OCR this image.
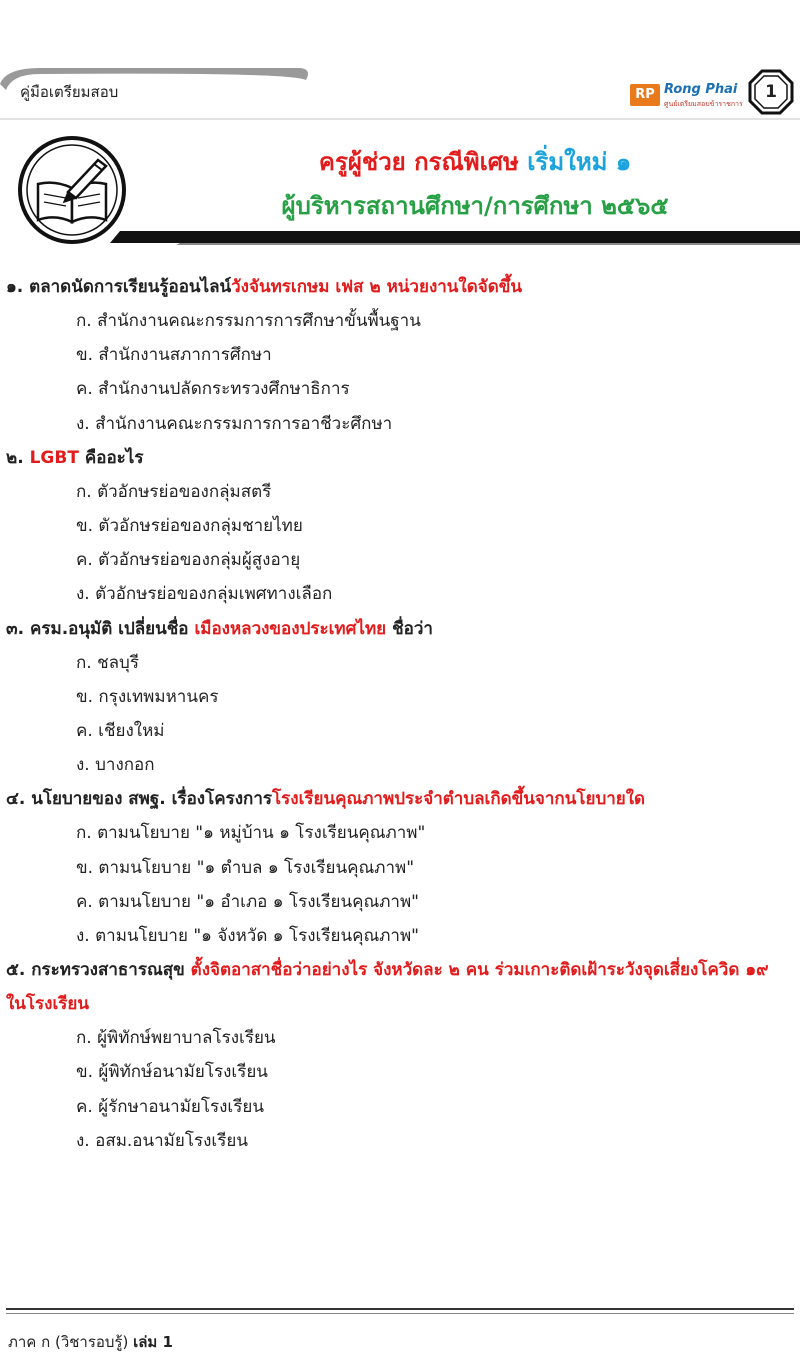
คู่มือเตรียมสอบ	RP Rong Phai
ศูนย์เตรียมสอบข้าราชการ
1
ครูผู้ช่วย กรณีพิเศษ เริ่มใหม่ ๑
ผู้บริหารสถานศึกษา/การศึกษา ๒๕๖๕
๑. ตลาดนัดการเรียนรู้ออนไลน์วังจันทรเกษม เฟส ๒ หน่วยงานใดจัดขึ้น
ก. สำนักงานคณะกรรมการการศึกษาขั้นพื้นฐาน
ข. สำนักงานสภาการศึกษา
ค. สำนักงานปลัดกระทรวงศึกษาธิการ
ง. สำนักงานคณะกรรมการการอาชีวะศึกษา
๒. LGBT คืออะไร
ก. ตัวอักษรย่อของกลุ่มสตรี
ข. ตัวอักษรย่อของกลุ่มชายไทย
ค. ตัวอักษรย่อของกลุ่มผู้สูงอายุ
ง. ตัวอักษรย่อของกลุ่มเพศทางเลือก
๓. ครม.อนุมัติ เปลี่ยนชื่อ เมืองหลวงของประเทศไทย ชื่อว่า
ก. ชลบุรี
ข. กรุงเทพมหานคร
ค. เชียงใหม่
ง. บางกอก
๔. นโยบายของ สพฐ. เรื่องโครงการโรงเรียนคุณภาพประจำตำบลเกิดขึ้นจากนโยบายใด
ก. ตามนโยบาย "๑ หมู่บ้าน ๑ โรงเรียนคุณภาพ"
ข. ตามนโยบาย "๑ ตำบล ๑ โรงเรียนคุณภาพ"
ค. ตามนโยบาย "๑ อำเภอ ๑ โรงเรียนคุณภาพ"
ง. ตามนโยบาย "๑ จังหวัด ๑ โรงเรียนคุณภาพ"
๕. กระทรวงสาธารณสุข ตั้งจิตอาสาชื่อว่าอย่างไร จังหวัดละ ๒ คน ร่วมเกาะติดเฝ้าระวังจุดเสี่ยงโควิด ๑๙ ในโรงเรียน
ก. ผู้พิทักษ์พยาบาลโรงเรียน
ข. ผู้พิทักษ์อนามัยโรงเรียน
ค. ผู้รักษาอนามัยโรงเรียน
ง. อสม.อนามัยโรงเรียน
ภาค ก (วิชารอบรู้) เล่ม 1
